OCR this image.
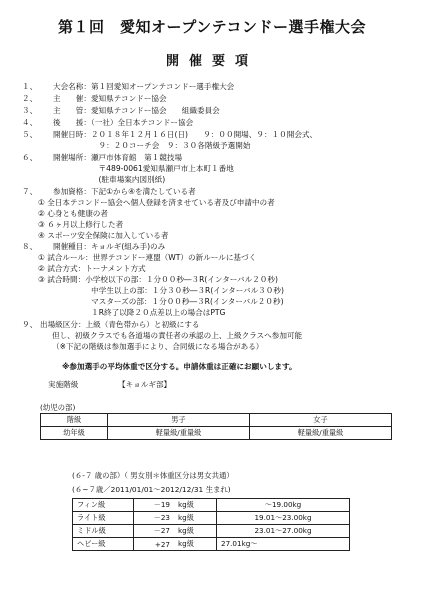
第１回　愛知オープンテコンドー選手権大会
開催要項
１、 大会名称：第１回愛知オープンテコンドー選手権大会
２、 主　　催：愛知県テコンドー協会
３、 主　　管：愛知県テコンドー協会　　組織委員会
４、 後　　援：（一社）全日本テコンドー協会
５、 開催日時：２０１８年１２月１６日(日)　　９：００開場、９：１０開会式、
　　　　　　９：２０コーチ会　９：３０各階級予選開始
６、 開催場所：瀬戸市体育館　第１競技場
　　　　　　〒489-0061愛知県瀬戸市上本町１番地
　　　　　　(駐車場案内図別紙)
７、 参加資格：下記①から④を満たしている者
① 全日本テコンドー協会へ個人登録を済ませている者及び申請中の者
② 心身とも健康の者
③ ６ヶ月以上修行した者
④ スポーツ安全保険に加入している者
８、 開催種目：キョルギ(組み手)のみ
① 試合ルール：世界テコンドー連盟（WT）の新ルールに基づく
② 試合方式：トーナメント方式
③ 試合時間：小学校以下の部：１分００秒―３R(インターバル２０秒)
　　　　　　　中学生以上の部：１分３０秒―３R(インターバル３０秒)
　　　　　　　マスターズの部：１分００秒―３R(インターバル２０秒)
　　　　　　　１R終了以降２０点差以上の場合はPTG
９、 出場級区分：上級（青色帯から）と初級にする
但し、初級クラスでも各道場の責任者の承認の上、上級クラスへ参加可能
（※下記の階級は参加選手により、合同級になる場合がある）
※参加選手の平均体重で区分する。申請体重は正確にお願いします。
実施階級	【キョルギ部】
(幼児の部)
階級	男子	女子
幼年級	軽量級/重量級	軽量級/重量級
(６-７ 歳の部）（ 男女別＊体重区分は男女共通）
(６~７歳／2011/01/01～2012/12/31 生まれ)
フィン級	－19	kg級	～19.00kg
ライト級	－23	kg級	19.01～23.00kg
ミドル級	－27	kg級	23.01～27.00kg
ヘビー級	+27	kg級	27.01kg～
